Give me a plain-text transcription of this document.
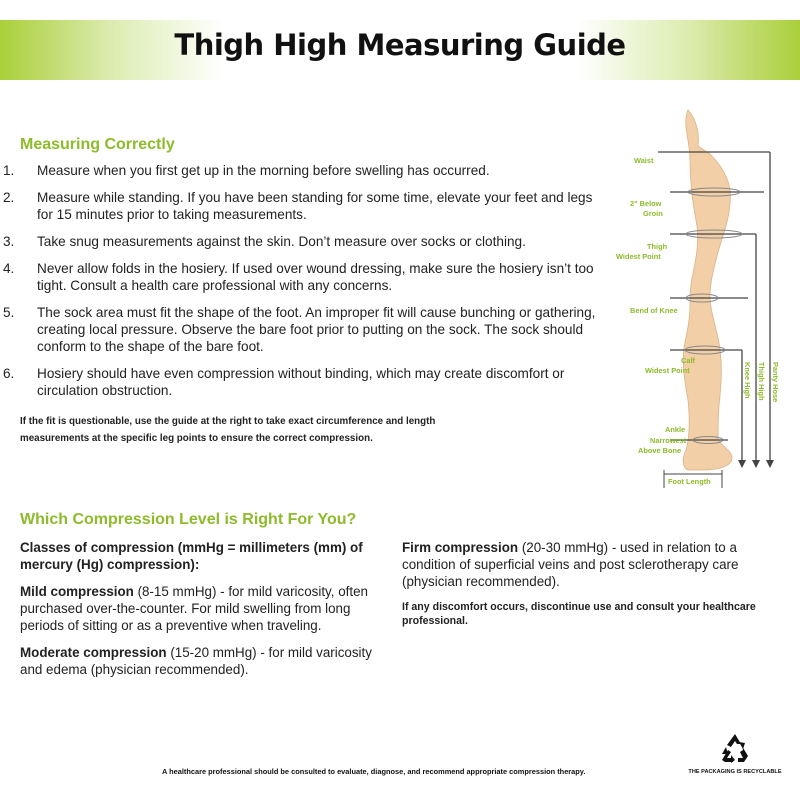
Thigh High Measuring Guide
Measuring Correctly
1. Measure when you first get up in the morning before swelling has occurred.
2. Measure while standing. If you have been standing for some time, elevate your feet and legs for 15 minutes prior to taking measurements.
3. Take snug measurements against the skin. Don’t measure over socks or clothing.
4. Never allow folds in the hosiery. If used over wound dressing, make sure the hosiery isn’t too tight. Consult a health care professional with any concerns.
5. The sock area must fit the shape of the foot. An improper fit will cause bunching or gathering, creating local pressure. Observe the bare foot prior to putting on the sock. The sock should conform to the shape of the bare foot.
6. Hosiery should have even compression without binding, which may create discomfort or circulation obstruction.
If the fit is questionable, use the guide at the right to take exact circumference and length measurements at the specific leg points to ensure the correct compression.
Waist
2" Below
Groin
Thigh
Widest Point
Bend of Knee
Calf
Widest Point
Ankle
Narrowest
Above Bone
Foot Length
Knee High Thigh High Panty Hose
Which Compression Level is Right For You?
Classes of compression (mmHg = millimeters (mm) of mercury (Hg) compression):
Mild compression (8-15 mmHg) - for mild varicosity, often purchased over-the-counter. For mild swelling from long periods of sitting or as a preventive when traveling.
Moderate compression (15-20 mmHg) - for mild varicosity and edema (physician recommended).
Firm compression (20-30 mmHg) - used in relation to a condition of superficial veins and post sclerotherapy care (physician recommended).
If any discomfort occurs, discontinue use and consult your healthcare professional.
A healthcare professional should be consulted to evaluate, diagnose, and recommend appropriate compression therapy.	THE PACKAGING IS RECYCLABLE
